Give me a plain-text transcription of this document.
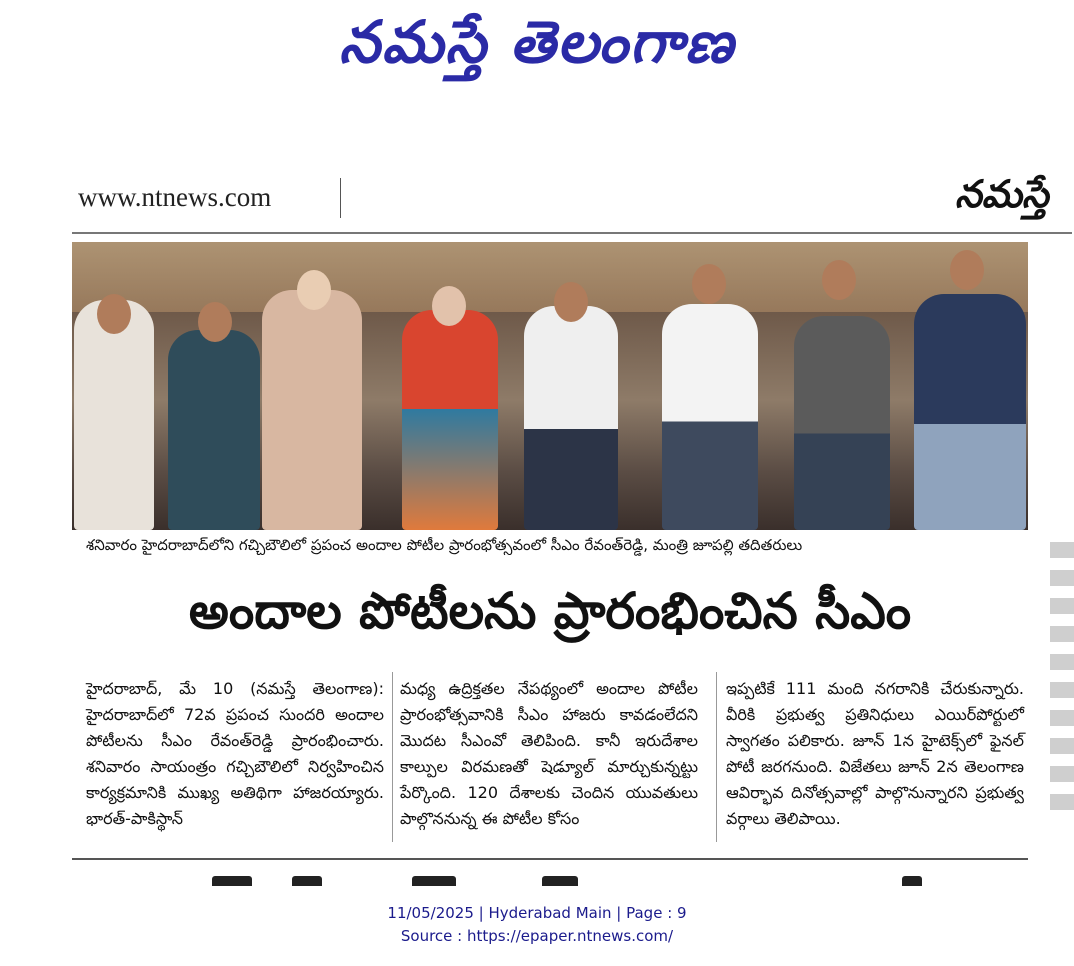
నమస్తే తెలంగాణ
www.ntnews.com	నమస్తే
శనివారం హైదరాబాద్‌లోని గచ్చిబౌలిలో ప్రపంచ అందాల పోటీల ప్రారంభోత్సవంలో సీఎం రేవంత్‌రెడ్డి, మంత్రి జూపల్లి తదితరులు
అందాల పోటీలను ప్రారంభించిన సీఎం
హైదరాబాద్, మే 10 (నమస్తే తెలంగాణ): హైదరాబాద్‌లో 72వ ప్రపంచ సుందరి అందాల పోటీలను సీఎం రేవంత్‌రెడ్డి ప్రారంభించారు. శనివారం సాయంత్రం గచ్చిబౌలిలో నిర్వహించిన కార్యక్రమానికి ముఖ్య అతిథిగా హాజరయ్యారు. భారత్-పాకిస్థాన్
మధ్య ఉద్రిక్తతల నేపథ్యంలో అందాల పోటీల ప్రారంభోత్సవానికి సీఎం హాజరు కావడంలేదని మొదట సీఎంవో తెలిపింది. కానీ ఇరుదేశాల కాల్పుల విరమణతో షెడ్యూల్ మార్చుకున్నట్టు పేర్కొంది. 120 దేశాలకు చెందిన యువతులు పాల్గొననున్న ఈ పోటీల కోసం
ఇప్పటికే 111 మంది నగరానికి చేరుకున్నారు. వీరికి ప్రభుత్వ ప్రతినిధులు ఎయిర్‌పోర్టులో స్వాగతం పలికారు. జూన్ 1న హైటెక్స్‌లో ఫైనల్ పోటీ జరగనుంది. విజేతలు జూన్ 2న తెలంగాణ ఆవిర్భావ దినోత్సవాల్లో పాల్గొనున్నారని ప్రభుత్వ వర్గాలు తెలిపాయి.
11/05/2025 | Hyderabad Main | Page : 9
Source : https://epaper.ntnews.com/
